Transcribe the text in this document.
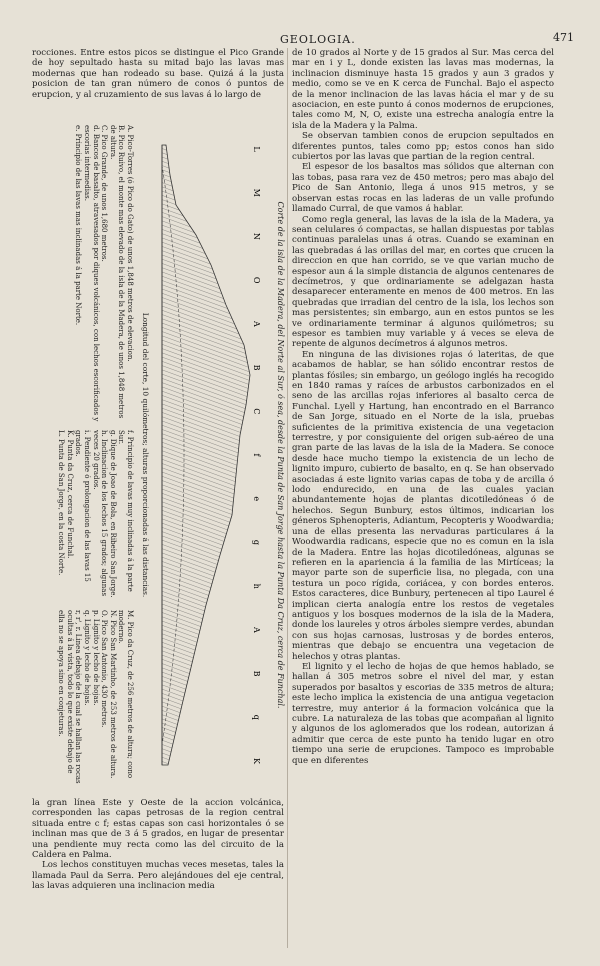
GEOLOGIA.	471

rocciones. Entre estos picos se distingue el Pico Grande de hoy sepultado hasta su mitad bajo las lavas mas modernas que han rodeado su base. Quizá á la justa posicion de tan gran número de conos ó puntos de erupcion, y al cruzamiento de sus lavas á lo largo de

Corte de la isla de la Madera, del Norte al Sur, ó sea, desde la Punta de San Jorge hasta la Punta Da Cruz, cerca de Funchal.
L
M
N
O
A
B
C
f
e
g
h
A
B
q
K
Longitud del corte, 10 quilómetros; alturas proporcionadas á las distancias.

A. Pico-Torres (ó Pico do Gato) de unos 1,848 metros de elevacion.

B. Pico Ruivo, el monte mas elevado de la isla de la Madera, de unos 1,848 metros de altura.

C. Pico Grande, de unos 1,680 metros.

d. Bancos de basalto, atravesados por diques volcánicos, con lechos escorificados y escorias intermedias.

e. Principio de las lavas mas inclinadas á la parte Norte.

f. Principio de lavas muy inclinadas á la parte Sur.

g. Dique de Joao de Bola, en Ribeiro San Jorge.

h. Inclinacion de los lechos 15 grados; algunas veces 20 grados.

i. Pendiente ó prolongacion de las lavas 15 grados.

K. Punta da Cruz, cerca de Funchal.

L. Punta de San Jorge, en la costa Norte.

M. Pico da Cruz, de 256 metros de altura; cono moderno.

N. Pico San Martinho, de 253 metros de altura.

O. Pico San Antonio, 430 metros.

p. Lignito y lecho de hojas.

q. Lignito y lecho de hojas.

r, r', r. Linea debajo de la cual se hallan las rocas ocultas á la vista, todo lo que existe debajo de ella no se apoya sino en conjeturas.

la gran línea Este y Oeste de la accion volcánica, corresponden las capas petrosas de la region central situada entre c f; estas capas son casi horizontales ó se inclinan mas que de 3 á 5 grados, en lugar de presentar una pendiente muy recta como las del circuito de la Caldera en Palma.

Los lechos constituyen muchas veces mesetas, tales la llamada Paul da Serra. Pero alejándoues del eje central, las lavas adquieren una inclinacion media

de 10 grados al Norte y de 15 grados al Sur. Mas cerca del mar en i y L, donde existen las lavas mas modernas, la inclinacion disminuye hasta 15 grados y aun 3 grados y medio, como se ve en K cerca de Funchal. Bajo el aspecto de la menor inclinacion de las lavas hácia el mar y de su asociacion, en este punto á conos modernos de erupciones, tales como M, N, O, existe una estrecha analogía entre la isla de la Madera y la Palma.

Se observan tambien conos de erupcion sepultados en diferentes puntos, tales como pp; estos conos han sido cubiertos por las lavas que partian de la region central.

El espesor de los basaltos mas sólidos que alternan con las tobas, pasa rara vez de 450 metros; pero mas abajo del Pico de San Antonio, llega á unos 915 metros, y se observan estas rocas en las laderas de un valle profundo llamado Curral, de que vamos á hablar.

Como regla general, las lavas de la isla de la Madera, ya sean celulares ó compactas, se hallan dispuestas por tablas continuas paralelas unas á otras. Cuando se examinan en las quebradas á las orillas del mar, en cortes que crucen la direccion en que han corrido, se ve que varian mucho de espesor aun á la simple distancia de algunos centenares de decímetros, y que ordinariamente se adelgazan hasta desaparecer enteramente en menos de 400 metros. En las quebradas que irradian del centro de la isla, los lechos son mas persistentes; sin embargo, aun en estos puntos se les ve ordinariamente terminar á algunos quilómetros; su espesor es tambien muy variable y á veces se eleva de repente de algunos decímetros á algunos metros.

En ninguna de las divisiones rojas ó lateritas, de que acabamos de hablar, se han sólido encontrar restos de plantas fósiles; sin embargo, un geólogo inglés ha recogido en 1840 ramas y raíces de arbustos carbonizados en el seno de las arcillas rojas inferiores al basalto cerca de Funchal. Lyell y Hartung, han encontrado en el Barranco de San Jorge, situado en el Norte de la isla, pruebas suficientes de la primitiva existencia de una vegetacion terrestre, y por consiguiente del origen sub-aéreo de una gran parte de las lavas de la isla de la Madera. Se conoce desde hace mucho tiempo la existencia de un lecho de lignito impuro, cubierto de basalto, en q. Se han observado asociadas á este lignito varias capas de toba y de arcilla ó lodo endurecido, en una de las cuales yacian abundantemente hojas de plantas dicotiledóneas ó de helechos. Segun Bunbury, estos últimos, indicarian los géneros Sphenopteris, Adiantum, Pecopteris y Woodwardia; una de ellas presenta las nervaduras particulares á la Woodwardia radicans, especie que no es comun en la isla de la Madera. Entre las hojas dicotiledóneas, algunas se refieren en la apariencia á la familia de las Mirtíceas; la mayor parte son de superficie lisa, no plegada, con una testura un poco rígida, coriácea, y con bordes enteros. Estos caracteres, dice Bunbury, pertenecen al tipo Laurel é implican cierta analogía entre los restos de vegetales antiguos y los bosques modernos de la isla de la Madera, donde los laureles y otros árboles siempre verdes, abundan con sus hojas carnosas, lustrosas y de bordes enteros, mientras que debajo se encuentra una vegetacion de helechos y otras plantas.

El lignito y el lecho de hojas de que hemos hablado, se hallan á 305 metros sobre el nivel del mar, y estan superados por basaltos y escorias de 335 metros de altura; este lecho implica la existencia de una antigua vegetacion terrestre, muy anterior á la formacion volcánica que la cubre. La naturaleza de las tobas que acompañan al lignito y algunos de los aglomerados que los rodean, autorizan á admitir que cerca de este punto ha tenido lugar en otro tiempo una serie de erupciones. Tampoco es improbable que en diferentes
